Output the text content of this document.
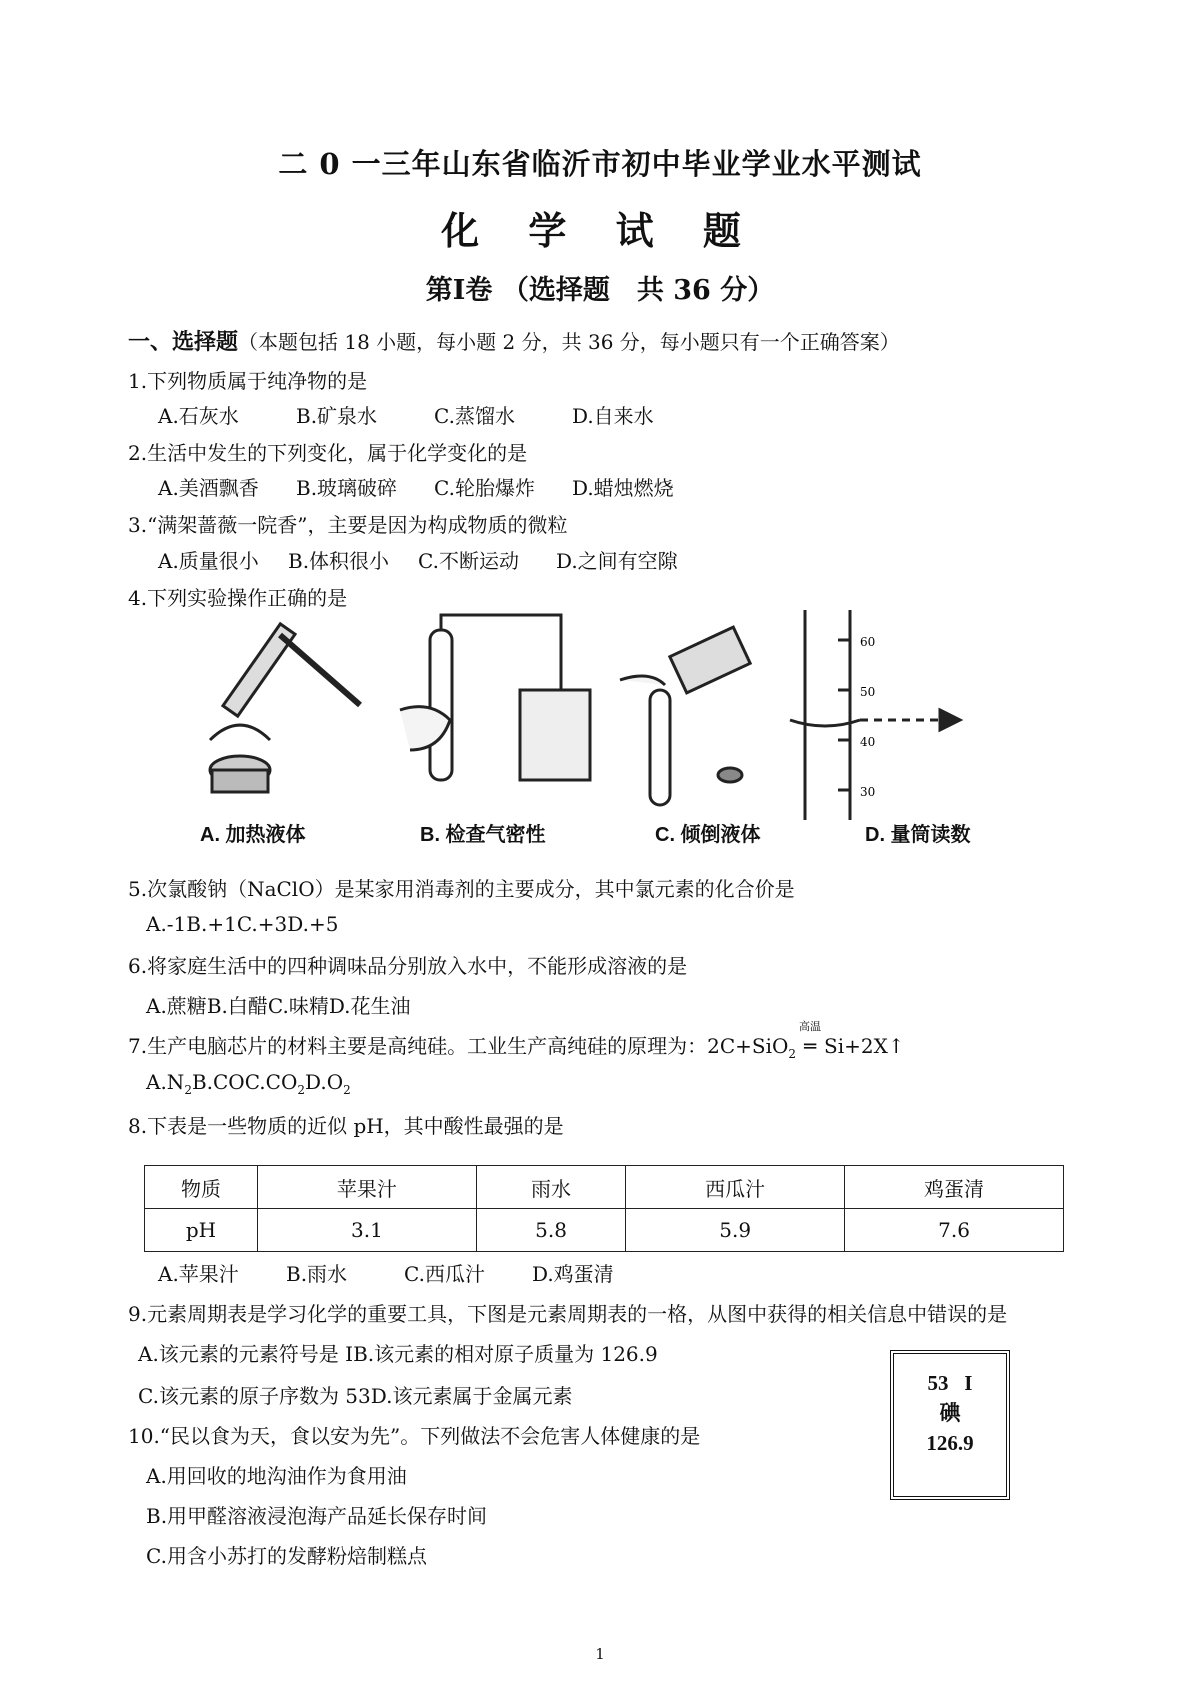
二 0 一三年山东省临沂市初中毕业学业水平测试
化 学 试 题
第Ⅰ卷 （选择题　共 36 分）
一、选择题（本题包括 18 小题，每小题 2 分，共 36 分，每小题只有一个正确答案）
1.下列物质属于纯净物的是
A.石灰水	B.矿泉水	C.蒸馏水	D.自来水
2.生活中发生的下列变化，属于化学变化的是
A.美酒飘香 B.玻璃破碎 C.轮胎爆炸 D.蜡烛燃烧
3.“满架蔷薇一院香”，主要是因为构成物质的微粒
A.质量很小 B.体积很小 C.不断运动 D.之间有空隙
4.下列实验操作正确的是
60
50
40
30
A. 加热液体	B. 检查气密性	C. 倾倒液体	D. 量筒读数
5.次氯酸钠（NaClO）是某家用消毒剂的主要成分，其中氯元素的化合价是
A.-1B.+1C.+3D.+5
6.将家庭生活中的四种调味品分别放入水中，不能形成溶液的是
A.蔗糖B.白醋C.味精D.花生油
7.生产电脑芯片的材料主要是高纯硅。工业生产高纯硅的原理为：2C+SiO$_2$
高温
═ Si+2X↑
$A.N_2B.COC.CO_2D.O_2$
8.下表是一些物质的近似 pH，其中酸性最强的是
物质	苹果汁	雨水	西瓜汁	鸡蛋清
pH	3.1	5.8	5.9	7.6
A.苹果汁 B.雨水	C.西瓜汁 D.鸡蛋清
9.元素周期表是学习化学的重要工具，下图是元素周期表的一格，从图中获得的相关信息中错误的是
A.该元素的元素符号是 IB.该元素的相对原子质量为 126.9
C.该元素的原子序数为 53D.该元素属于金属元素
53 I
碘
126.9
10.“民以食为天，食以安为先”。下列做法不会危害人体健康的是
A.用回收的地沟油作为食用油
B.用甲醛溶液浸泡海产品延长保存时间
C.用含小苏打的发酵粉焙制糕点
1
